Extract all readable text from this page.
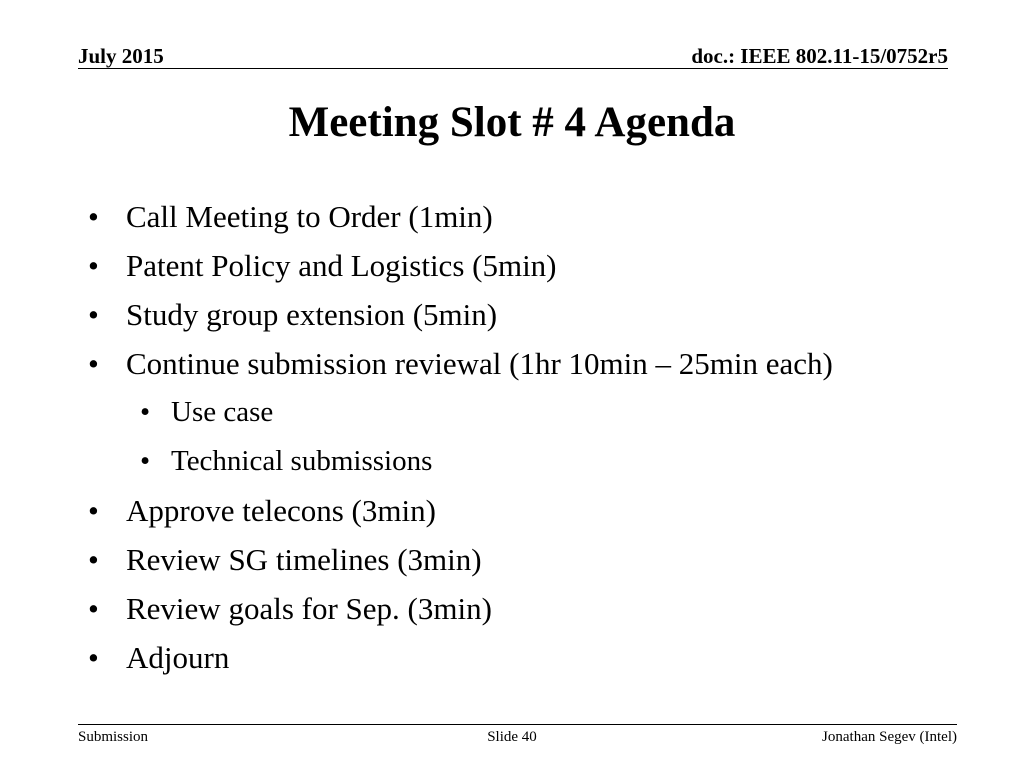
July 2015	doc.: IEEE 802.11-15/0752r5
Meeting Slot # 4 Agenda
• Call Meeting to Order (1min)
• Patent Policy and Logistics (5min)
• Study group extension (5min)
• Continue submission reviewal (1hr 10min – 25min each)
• Use case
• Technical submissions
• Approve telecons (3min)
• Review SG timelines (3min)
• Review goals for Sep. (3min)
• Adjourn
Submission	Slide 40	Jonathan Segev (Intel)
